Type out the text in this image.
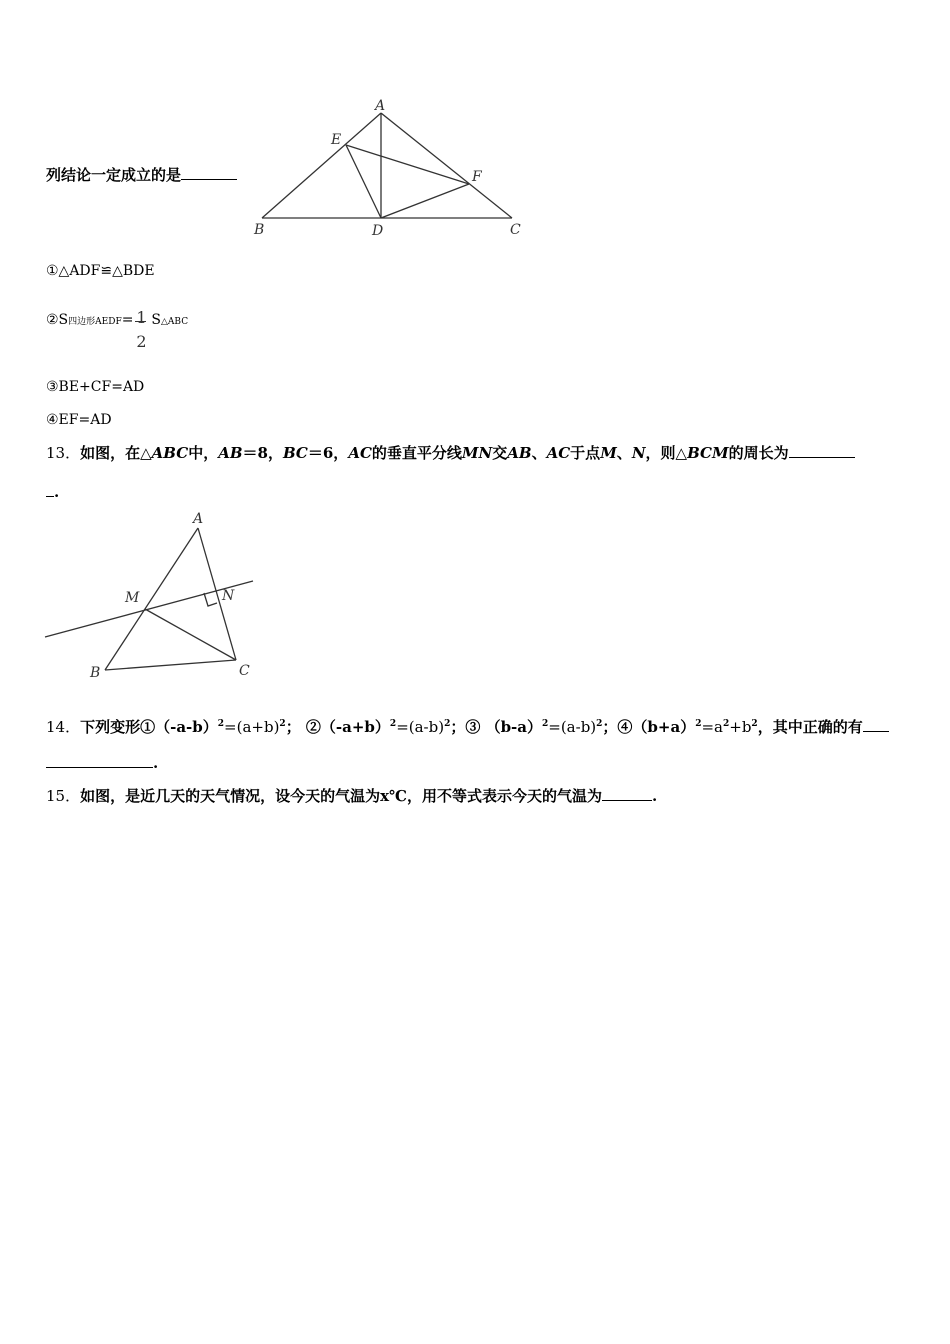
列结论一定成立的是
A
E
F
B	D	C
①△ADF≌△BDE
②S四边形AEDF= 1
2
S△ABC
③BE+CF=AD
④EF=AD
13．如图，在△ABC中，AB＝8，BC＝6，AC的垂直平分线MN交AB、AC于点M、N，则△BCM的周长为
.
A
M	N
B	C
14．下列变形$①(-a-b)^2=(a+b)^2$； $②(-a+b)^2=(a-b)^2$；③ $(b-a)^2=(a-b)^2$；$④(b+a)^2=a^2+b^2$，其中正确的有
.
15．如图，是近几天的天气情况，设今天的气温为x℃，用不等式表示今天的气温为	.
